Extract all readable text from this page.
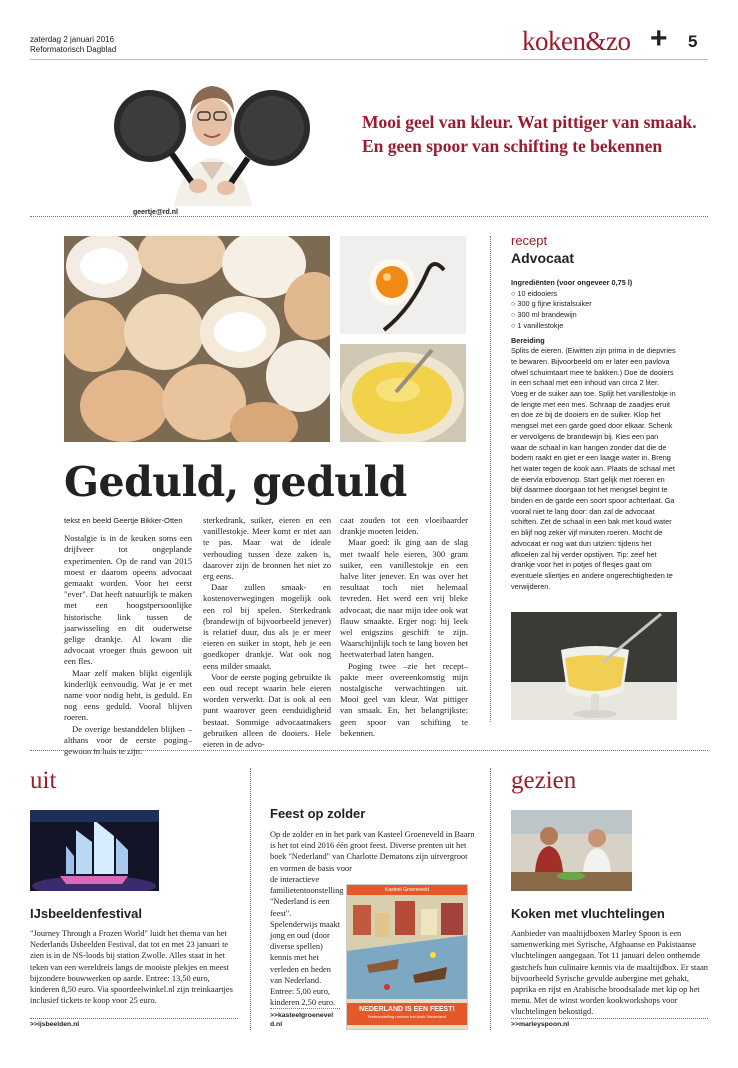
zaterdag 2 januari 2016
Reformatorisch Dagblad	koken&zo + 5
geertje@rd.nl
Mooi geel van kleur. Wat pittiger van smaak. En geen spoor van schifting te bekennen
Geduld, geduld
tekst en beeld Geertje Bikker-Otten

Nostalgie is in de keuken soms een drijfveer tot ongeplande experimenten. Op de rand van 2015 moest er daarom opeens advocaat gemaakt worden. Voor het eerst "ever". Dat heeft natuurlijk te maken met een hoogstpersoonlijke historische link tussen de jaarwisseling en dit ouderwetse gelige drankje. Al kwam die advocaat vroeger thuis gewoon uit een fles.

Maar zelf maken blijkt eigenlijk kinderlijk eenvoudig. Wat je er met name voor nodig hebt, is geduld. En nog eens geduld. Vooral blijven roeren.

De overige bestanddelen blijken –althans voor de eerste poging– gewoon in huis te zijn:

sterkedrank, suiker, eieren en een vanillestokje. Meer komt er niet aan te pas. Maar wat de ideale verhouding tussen deze zaken is, daarover zijn de bronnen het niet zo erg eens.

Daar zullen smaak- en kostenoverwegingen mogelijk ook een rol bij spelen. Sterkedrank (brandewijn of bijvoorbeeld jenever) is relatief duur, dus als je er meer eieren en suiker in stopt, heb je een goedkoper drankje. Wat ook nog eens milder smaakt.

Voor de eerste poging gebruikte ik een oud recept waarin hele eieren worden verwerkt. Dat is ook al een punt waarover geen eenduidigheid bestaat. Sommige advocaatmakers gebruiken alleen de dooiers. Hele eieren in de advo-

caat zouden tot een vloeibaarder drankje moeten leiden.

Maar goed: ik ging aan de slag met twaalf hele eieren, 300 gram suiker, een vanillestokje en een halve liter jenever. En was over het resultaat toch niet helemaal tevreden. Het werd een vrij bleke advocaat, die naar mijn idee ook wat flauw smaakte. Erger nog: hij leek wel enigszins geschift te zijn. Waarschijnlijk toch te lang boven het heetwaterbad laten hangen.

Poging twee –zie het recept– pakte meer overeenkomstig mijn nostalgische verwachtingen uit. Mooi geel van kleur. Wat pittiger van smaak. En, het belangrijkste: geen spoor van schifting te bekennen.

recept
Advocaat
Ingrediënten (voor ongeveer 0,75 l)
○ 10 eidooiers
○ 300 g fijne kristalsuiker
○ 300 ml brandewijn
○ 1 vanillestokje
Bereiding
Splits de eieren. (Eiwitten zijn prima in de diepvries te bewaren. Bijvoorbeeld om er later een pavlova ofwel schuimtaart mee te bakken.) Doe de dooiers in een schaal met een inhoud van circa 2 liter. Voeg er de suiker aan toe. Splijt het vanillestokje in de lengte met een mes. Schraap de zaadjes eruit en doe ze bij de dooiers en de suiker. Klop het mengsel met een garde goed door elkaar. Schenk er vervolgens de brandewijn bij. Kies een pan waar de schaal in kan hangen zonder dat die de bodem raakt en giet er een laagje water in. Breng het water tegen de kook aan. Plaats de schaal met de eiervla erbovenop. Start gelijk met roeren en blijf daarmee doorgaan tot het mengsel begint te binden en de garde een soort spoor achterlaat. Ga vooral niet te lang door: dan zal de advocaat schiften. Zet de schaal in een bak met koud water en blijf nog zeker vijf minuten roeren. Mocht de advocaat er nog wat dun uitzien: tijdens het afkoelen zal hij verder opstijven. Tip: zeef het drankje voor het in potjes of flesjes gaat om eventuele sliertjes en andere ongerechtigheden te verwijderen.
uit
IJsbeeldenfestival
"Journey Through a Frozen World" luidt het thema van het Nederlands IJsbeelden Festival, dat tot en met 23 januari te zien is in de NS-loods bij station Zwolle. Alles staat in het teken van een wereldreis langs de mooiste plekjes en meest bijzondere bouwwerken op aarde. Entree: 13,50 euro, kinderen 8,50 euro. Via spoordeelwinkel.nl zijn treinkaartjes inclusief tickets te koop voor 25 euro.
>>ijsbeelden.nl
Feest op zolder
Op de zolder en in het park van Kasteel Groeneveld in Baarn is het tot eind 2016 één groot feest. Diverse prenten uit het boek "Nederland" van Charlotte Dematons zijn uitvergroot en vormen de basis voor
de interactieve familietentoonstelling "Nederland is een feest". Spelenderwijs maakt jong en oud (door diverse spellen) kennis met het verleden en heden van Nederland. Entree: 5,00 euro, kinderen 2,50 euro.
Kasteel Groeneveld
NEDERLAND IS EEN FEEST!
Tentoonstelling rondom het boek 'Nederland'
>>kasteelgroeneveld.nl
gezien
Koken met vluchtelingen
Aanbieder van maaltijdboxen Marley Spoon is een samenwerking met Syrische, Afghaanse en Pakistaanse vluchtelingen aangegaan. Tot 11 januari delen onthemde gastchefs hun culinaire kennis via de maaltijdbox. Er staan bijvoorbeeld Syrische gevulde aubergine met gehakt, paprika en rijst en Arabische broodsalade met kip op het menu. Met de winst worden kookworkshops voor vluchtelingen bekostigd.
>>marleyspoon.nl
